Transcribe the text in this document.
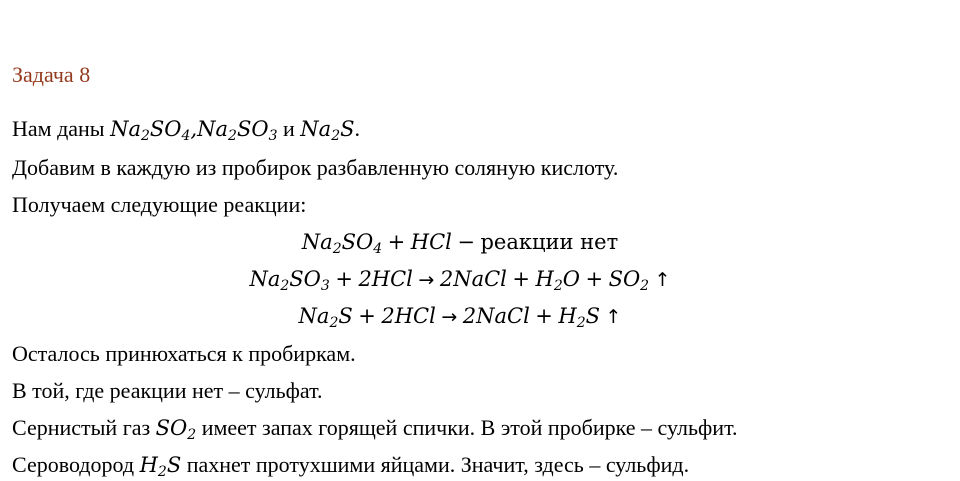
Задача 8
Нам даны $Na_2SO_4,Na_2SO_3$ и $Na_2S$.
Добавим в каждую из пробирок разбавленную соляную кислоту.
Получаем следующие реакции:
$Na_2SO_4$ + HCl − реакции нет
$Na_2SO_3 + 2HCl$ → 2NaCl + $H_2O + SO_2$ ↑
$Na_2S + 2HCl$ → 2NaCl + $H_2S$ ↑
Осталось принюхаться к пробиркам.
В той, где реакции нет – сульфат.
Сернистый газ $SO_2$ имеет запах горящей спички. В этой пробирке – сульфит.
Сероводород $H_2S$ пахнет протухшими яйцами. Значит, здесь – сульфид.
